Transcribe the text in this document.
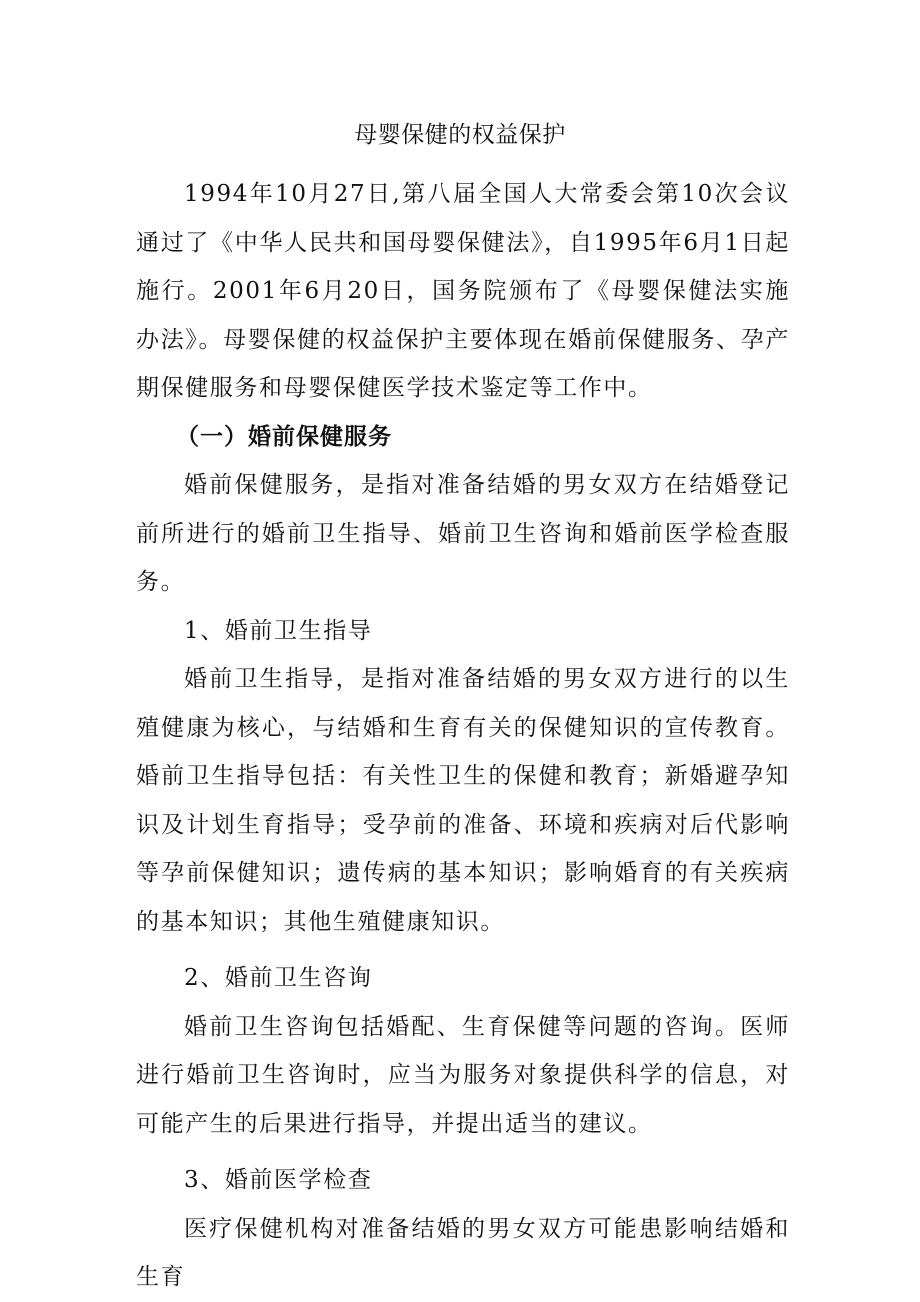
母婴保健的权益保护

1994年10月27日,第八届全国人大常委会第10次会议通过了《中华人民共和国母婴保健法》，自1995年6月1日起施行。2001年6月20日，国务院颁布了《母婴保健法实施办法》。母婴保健的权益保护主要体现在婚前保健服务、孕产期保健服务和母婴保健医学技术鉴定等工作中。

（一）婚前保健服务

婚前保健服务，是指对准备结婚的男女双方在结婚登记前所进行的婚前卫生指导、婚前卫生咨询和婚前医学检查服务。

1、婚前卫生指导

婚前卫生指导，是指对准备结婚的男女双方进行的以生殖健康为核心，与结婚和生育有关的保健知识的宣传教育。婚前卫生指导包括：有关性卫生的保健和教育；新婚避孕知识及计划生育指导；受孕前的准备、环境和疾病对后代影响等孕前保健知识；遗传病的基本知识；影响婚育的有关疾病的基本知识；其他生殖健康知识。

2、婚前卫生咨询

婚前卫生咨询包括婚配、生育保健等问题的咨询。医师进行婚前卫生咨询时，应当为服务对象提供科学的信息，对可能产生的后果进行指导，并提出适当的建议。

3、婚前医学检查

医疗保健机构对准备结婚的男女双方可能患影响结婚和生育
